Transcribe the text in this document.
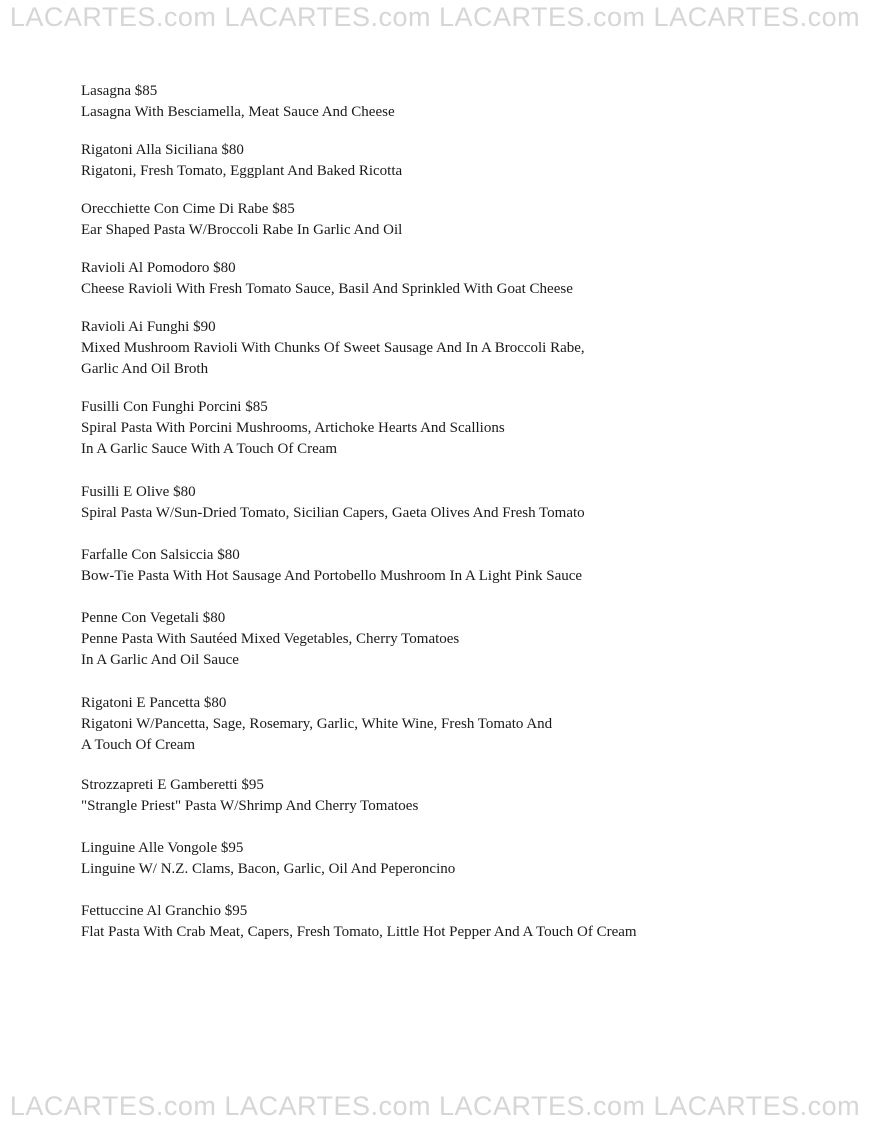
LACARTES.com LACARTES.com LACARTES.com LACARTES.com
Lasagna $85
Lasagna With Besciamella, Meat Sauce And Cheese
Rigatoni Alla Siciliana $80
Rigatoni, Fresh Tomato, Eggplant And Baked Ricotta
Orecchiette Con Cime Di Rabe $85
Ear Shaped Pasta W/Broccoli Rabe In Garlic And Oil
Ravioli Al Pomodoro $80
Cheese Ravioli With Fresh Tomato Sauce, Basil And Sprinkled With Goat Cheese
Ravioli Ai Funghi $90
Mixed Mushroom Ravioli With Chunks Of Sweet Sausage And In A Broccoli Rabe,
Garlic And Oil Broth
Fusilli Con Funghi Porcini $85
Spiral Pasta With Porcini Mushrooms, Artichoke Hearts And Scallions
In A Garlic Sauce With A Touch Of Cream
Fusilli E Olive $80
Spiral Pasta W/Sun-Dried Tomato, Sicilian Capers, Gaeta Olives And Fresh Tomato
Farfalle Con Salsiccia $80
Bow-Tie Pasta With Hot Sausage And Portobello Mushroom In A Light Pink Sauce
Penne Con Vegetali $80
Penne Pasta With Sautéed Mixed Vegetables, Cherry Tomatoes
In A Garlic And Oil Sauce
Rigatoni E Pancetta $80
Rigatoni W/Pancetta, Sage, Rosemary, Garlic, White Wine, Fresh Tomato And
A Touch Of Cream
Strozzapreti E Gamberetti $95
"Strangle Priest" Pasta W/Shrimp And Cherry Tomatoes
Linguine Alle Vongole $95
Linguine W/ N.Z. Clams, Bacon, Garlic, Oil And Peperoncino
Fettuccine Al Granchio $95
Flat Pasta With Crab Meat, Capers, Fresh Tomato, Little Hot Pepper And A Touch Of Cream
LACARTES.com LACARTES.com LACARTES.com LACARTES.com
